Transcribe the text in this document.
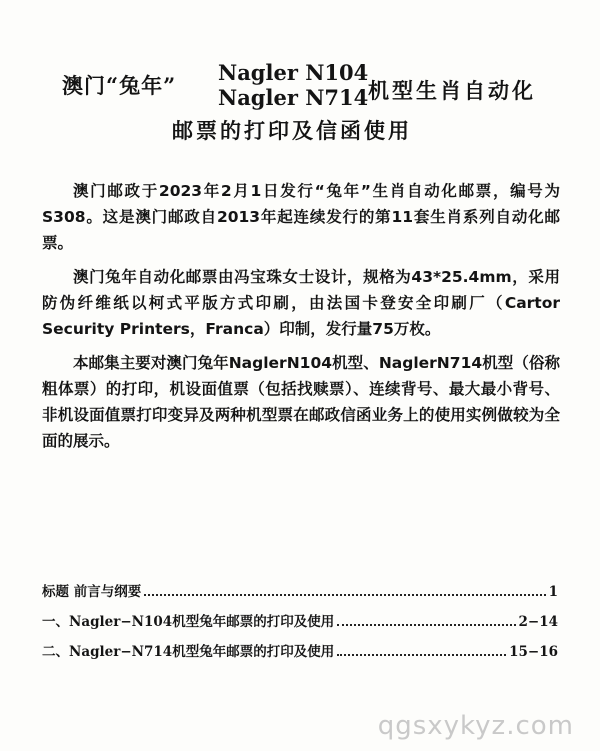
澳门“兔年”
Nagler N104
Nagler N714 机型生肖自动化
邮票的打印及信函使用

澳门邮政于2023年2月1日发行“兔年”生肖自动化邮票，编号为S308。这是澳门邮政自2013年起连续发行的第11套生肖系列自动化邮票。

澳门兔年自动化邮票由冯宝珠女士设计，规格为43*25.4mm，采用防伪纤维纸以柯式平版方式印刷，由法国卡登安全印刷厂（Cartor Security Printers，Franca）印制，发行量75万枚。

本邮集主要对澳门兔年NaglerN104机型、NaglerN714机型（俗称粗体票）的打印，机设面值票（包括找赎票）、连续背号、最大最小背号、非机设面值票打印变异及两种机型票在邮政信函业务上的使用实例做较为全面的展示。

标题 前言与纲要	1
一、Nagler−N104机型兔年邮票的打印及使用	2−14
二、Nagler−N714机型兔年邮票的打印及使用	15−16
qgsxykyz.com
